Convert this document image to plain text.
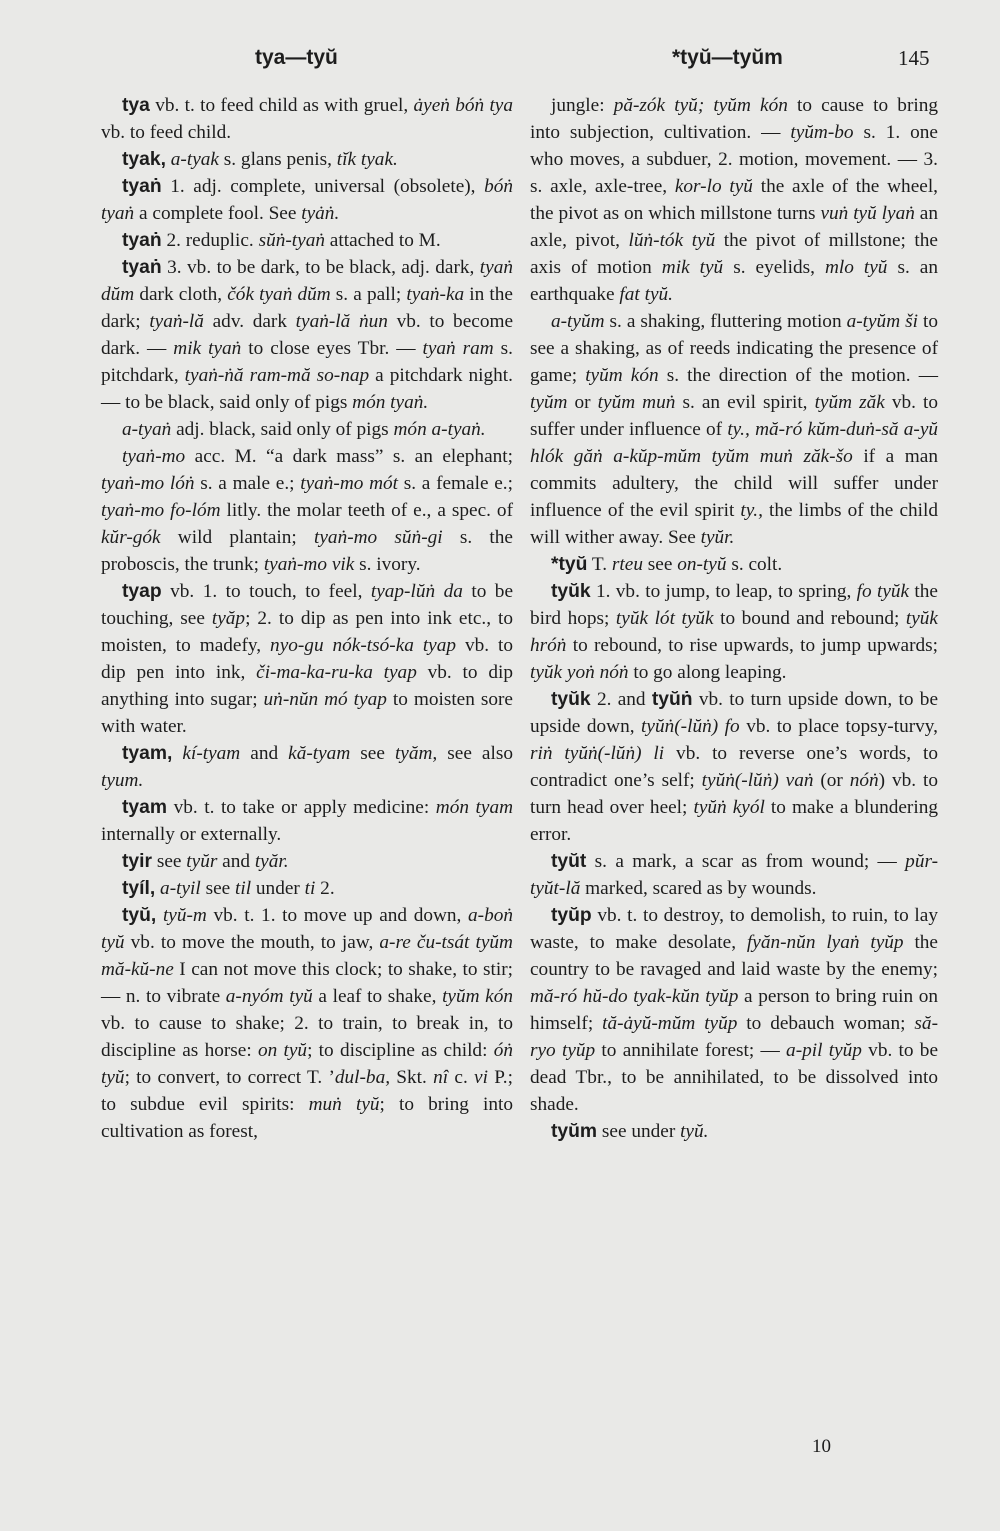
tya—tyŭ	*tyŭ—tyŭm	145

tya vb. t. to feed child as with gruel, ȧyeṅ bóṅ tya vb. to feed child.

tyak, a-tyak s. glans penis, tĭk tyak.

tyaṅ 1. adj. complete, universal (obsolete), bóṅ tyaṅ a complete fool. See tyȧṅ.

tyaṅ 2. reduplic. sŭṅ-tyaṅ attached to M.

tyaṅ 3. vb. to be dark, to be black, adj. dark, tyaṅ dŭm dark cloth, čók tyaṅ dŭm s. a pall; tyaṅ-ka in the dark; tyaṅ-lă adv. dark tyaṅ-lă ṅun vb. to become dark. — mik tyaṅ to close eyes Tbr. — tyaṅ ram s. pitchdark, tyaṅ-ṅă ram-mă so-nap a pitchdark night. — to be black, said only of pigs món tyaṅ.

a-tyaṅ adj. black, said only of pigs món a-tyaṅ.

tyaṅ-mo acc. M. “a dark mass” s. an elephant; tyaṅ-mo lóṅ s. a male e.; tyaṅ-mo mót s. a female e.; tyaṅ-mo fo-lóm litly. the molar teeth of e., a spec. of kŭr-gók wild plantain; tyaṅ-mo sŭṅ-gi s. the proboscis, the trunk; tyaṅ-mo vik s. ivory.

tyap vb. 1. to touch, to feel, tyap-lŭṅ da to be touching, see tyăp; 2. to dip as pen into ink etc., to moisten, to madefy, nyo-gu nók-tsó-ka tyap vb. to dip pen into ink, či-ma-ka-ru-ka tyap vb. to dip anything into sugar; uṅ-nŭn mó tyap to moisten sore with water.

tyam, kí-tyam and kă-tyam see tyăm, see also tyum.

tyam vb. t. to take or apply medicine: món tyam internally or externally.

tyir see tyŭr and tyăr.

tyíl, a-tyil see til under ti 2.

tyŭ, tyŭ-m vb. t. 1. to move up and down, a-boṅ tyŭ vb. to move the mouth, to jaw, a-re ču-tsát tyŭm mă-kŭ-ne I can not move this clock; to shake, to stir; — n. to vibrate a-nyóm tyŭ a leaf to shake, tyŭm kón vb. to cause to shake; 2. to train, to break in, to discipline as horse: on tyŭ; to discipline as child: óṅ tyŭ; to convert, to correct T. ’dul-ba, Skt. nî c. vi P.; to subdue evil spirits: muṅ tyŭ; to bring into cultivation as forest,

jungle: pă-zók tyŭ; tyŭm kón to cause to bring into subjection, cultivation. — tyŭm-bo s. 1. one who moves, a subduer, 2. motion, movement. — 3. s. axle, axle-tree, kor-lo tyŭ the axle of the wheel, the pivot as on which millstone turns vuṅ tyŭ lyaṅ an axle, pivot, lŭṅ-tók tyŭ the pivot of millstone; the axis of motion mik tyŭ s. eyelids, mlo tyŭ s. an earthquake fat tyŭ.

a-tyŭm s. a shaking, fluttering motion a-tyŭm ši to see a shaking, as of reeds indicating the presence of game; tyŭm kón s. the direction of the motion. — tyŭm or tyŭm muṅ s. an evil spirit, tyŭm zăk vb. to suffer under influence of ty., mă-ró kŭm-duṅ-să a-yŭ hlók găṅ a-kŭp-mŭm tyŭm muṅ zăk-šo if a man commits adultery, the child will suffer under influence of the evil spirit ty., the limbs of the child will wither away. See tyŭr.

*tyŭ T. rteu see on-tyŭ s. colt.

tyŭk 1. vb. to jump, to leap, to spring, fo tyŭk the bird hops; tyŭk lót tyŭk to bound and rebound; tyŭk hróṅ to rebound, to rise upwards, to jump upwards; tyŭk yoṅ nóṅ to go along leaping.

tyŭk 2. and tyŭṅ vb. to turn upside down, to be upside down, tyŭṅ(-lŭṅ) fo vb. to place topsy-turvy, riṅ tyŭṅ(-lŭṅ) li vb. to reverse one’s words, to contradict one’s self; tyŭṅ(-lŭṅ) vaṅ (or nóṅ) vb. to turn head over heel; tyŭṅ kyól to make a blundering error.

tyŭt s. a mark, a scar as from wound; — pŭr-tyŭt-lă marked, scared as by wounds.

tyŭp vb. t. to destroy, to demolish, to ruin, to lay waste, to make desolate, fyăn-nŭn lyaṅ tyŭp the country to be ravaged and laid waste by the enemy; mă-ró hŭ-do tyak-kŭn tyŭp a person to bring ruin on himself; tă-ȧyŭ-mŭm tyŭp to debauch woman; să-ryo tyŭp to annihilate forest; — a-pil tyŭp vb. to be dead Tbr., to be annihilated, to be dissolved into shade.

tyŭm see under tyŭ.

10
